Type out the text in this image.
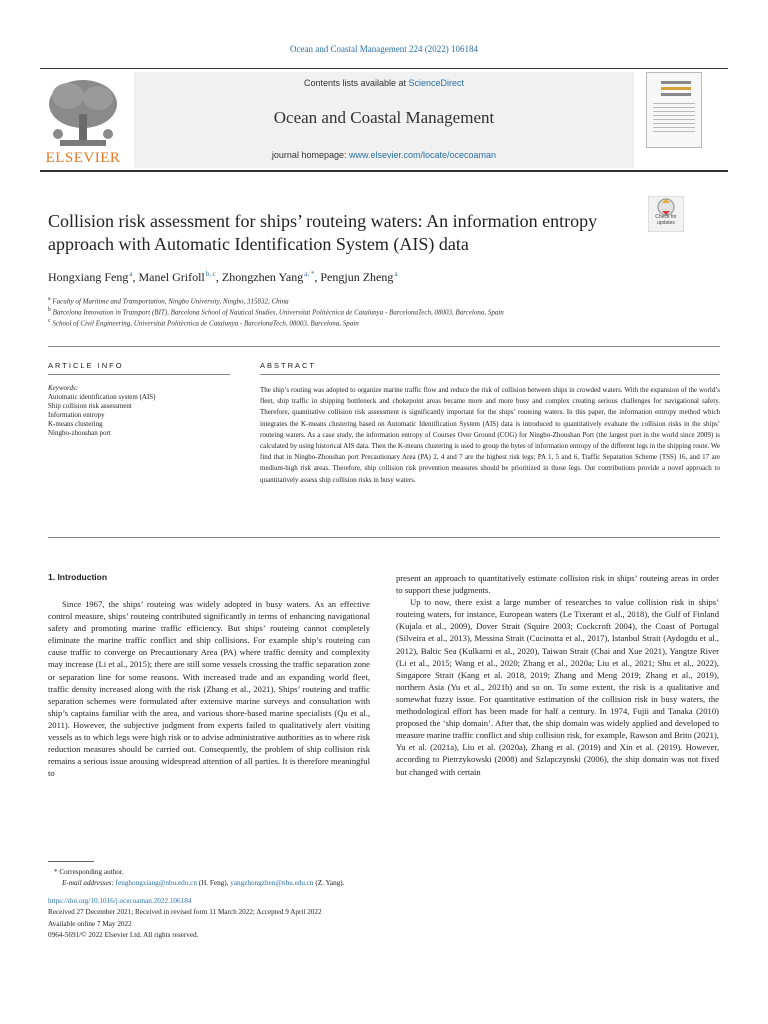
Ocean and Coastal Management 224 (2022) 106184
ELSEVIER
Contents lists available at ScienceDirect
Ocean and Coastal Management
journal homepage: www.elsevier.com/locate/ocecoaman
Check for updates
Collision risk assessment for ships’ routeing waters: An information entropy approach with Automatic Identification System (AIS) data
Hongxiang Feng $^a$, Manel Grifoll $^{b, c}$, Zhongzhen Yang $^{a, *}$, Pengjun Zheng $^a$
$^a$ Faculty of Maritime and Transportation, Ningbo University, Ningbo, 315832, China
$^b$ Barcelona Innovation in Transport (BIT), Barcelona School of Nautical Studies, Universitat Politècnica de Catalunya - BarcelonaTech, 08003, Barcelona, Spain
$^c$ School of Civil Engineering, Universitat Politècnica de Catalunya - BarcelonaTech, 08003, Barcelona, Spain
ARTICLE INFO	ABSTRACT
Keywords:
Automatic identification system (AIS)
Ship collision risk assessment
Information entropy
K-means clustering
Ningbo-zhoushan port
The ship’s routing was adopted to organize marine traffic flow and reduce the risk of collision between ships in crowded waters. With the expansion of the world’s fleet, ship traffic in shipping bottleneck and chokepoint areas became more and more busy and complex creating serious challenges for navigational safety. Therefore, quantitative collision risk assessment is significantly important for the ships’ routeing waters. In this paper, the information entropy method which integrates the K-means clustering based on Automatic Identification System (AIS) data is introduced to quantitatively evaluate the collision risks in the ships’ routeing waters. As a case study, the information entropy of Courses Over Ground (COG) for Ningbo-Zhoushan Port (the largest port in the world since 2009) is calculated by using historical AIS data. Then the K-means clustering is used to group the bytes of information entropy of the different legs in the shipping route. We find that in Ningbo-Zhoushan port Precautionary Area (PA) 2, 4 and 7 are the highest risk legs; PA 1, 5 and 6, Traffic Separation Scheme (TSS) 16, and 17 are medium-high risk areas. Therefore, ship collision risk prevention measures should be prioritized in those legs. Our contributions provide a novel approach to quantitatively assess ship collision risks in busy waters.
1. Introduction

Since 1967, the ships’ routeing was widely adopted in busy waters. As an effective control measure, ships’ routeing contributed significantly in terms of enhancing navigational safety and promoting marine traffic efficiency. But ships’ routeing cannot completely eliminate the marine traffic conflict and ship collisions. For example ship’s routeing can cause traffic to converge on Precautionary Area (PA) where traffic density and complexity may increase (Li et al., 2015); there are still some vessels crossing the traffic separation zone or separation line for some reasons. With increased trade and an expanding world fleet, traffic density increased along with the risk (Zhang et al., 2021). Ships’ routeing and traffic separation schemes were formulated after extensive marine surveys and consultation with ship’s captains familiar with the area, and various shore-based marine specialists (Qu et al., 2011). However, the subjective judgment from experts failed to qualitatively alert visiting vessels as to which legs were high risk or to advise administrative authorities as to where risk reduction measures should be carried out. Consequently, the problem of ship collision risk remains a serious issue arousing widespread attention of all parties. It is therefore meaningful to

present an approach to quantitatively estimate collision risk in ships’ routeing areas in order to support these judgments.

Up to now, there exist a large number of researches to value collision risk in ships’ routeing waters, for instance, European waters (Le Tixerant et al., 2018), the Gulf of Finland (Kujala et al., 2009), Dover Strait (Squire 2003; Cockcroft 2004), the Coast of Portugal (Silveira et al., 2013), Messina Strait (Cucinotta et al., 2017), Istanbul Strait (Aydogdu et al., 2012), Baltic Sea (Kulkarni et al., 2020), Taiwan Strait (Chai and Xue 2021), Yangtze River (Li et al., 2015; Wang et al., 2020; Zhang et al., 2020a; Liu et al., 2021; Shu et al., 2022), Singapore Strait (Kang et al. 2018, 2019; Zhang and Meng 2019; Zhang et al., 2019), northern Asia (Yu et al., 2021b) and so on. To some extent, the risk is a qualitative and somewhat fuzzy issue. For quantitative estimation of the collision risk in busy waters, the methodological effort has been made for half a century. In 1974, Fujii and Tanaka (2010) proposed the ‘ship domain’. After that, the ship domain was widely applied and developed to measure marine traffic conflict and ship collision risk, for example, Rawson and Brito (2021), Yu et al. (2021a), Liu et al. (2020a), Zhang et al. (2019) and Xin et al. (2019). However, according to Pietrzykowski (2008) and Szlapczynski (2006), the ship domain was not fixed but changed with certain

* Corresponding author.
E-mail addresses: fenghongxiang@nbu.edu.cn (H. Feng), yangzhongzhen@nbu.edu.cn (Z. Yang).
https://doi.org/10.1016/j.ocecoaman.2022.106184
Received 27 December 2021; Received in revised form 11 March 2022; Accepted 9 April 2022
Available online 7 May 2022
0964-5691/© 2022 Elsevier Ltd. All rights reserved.
